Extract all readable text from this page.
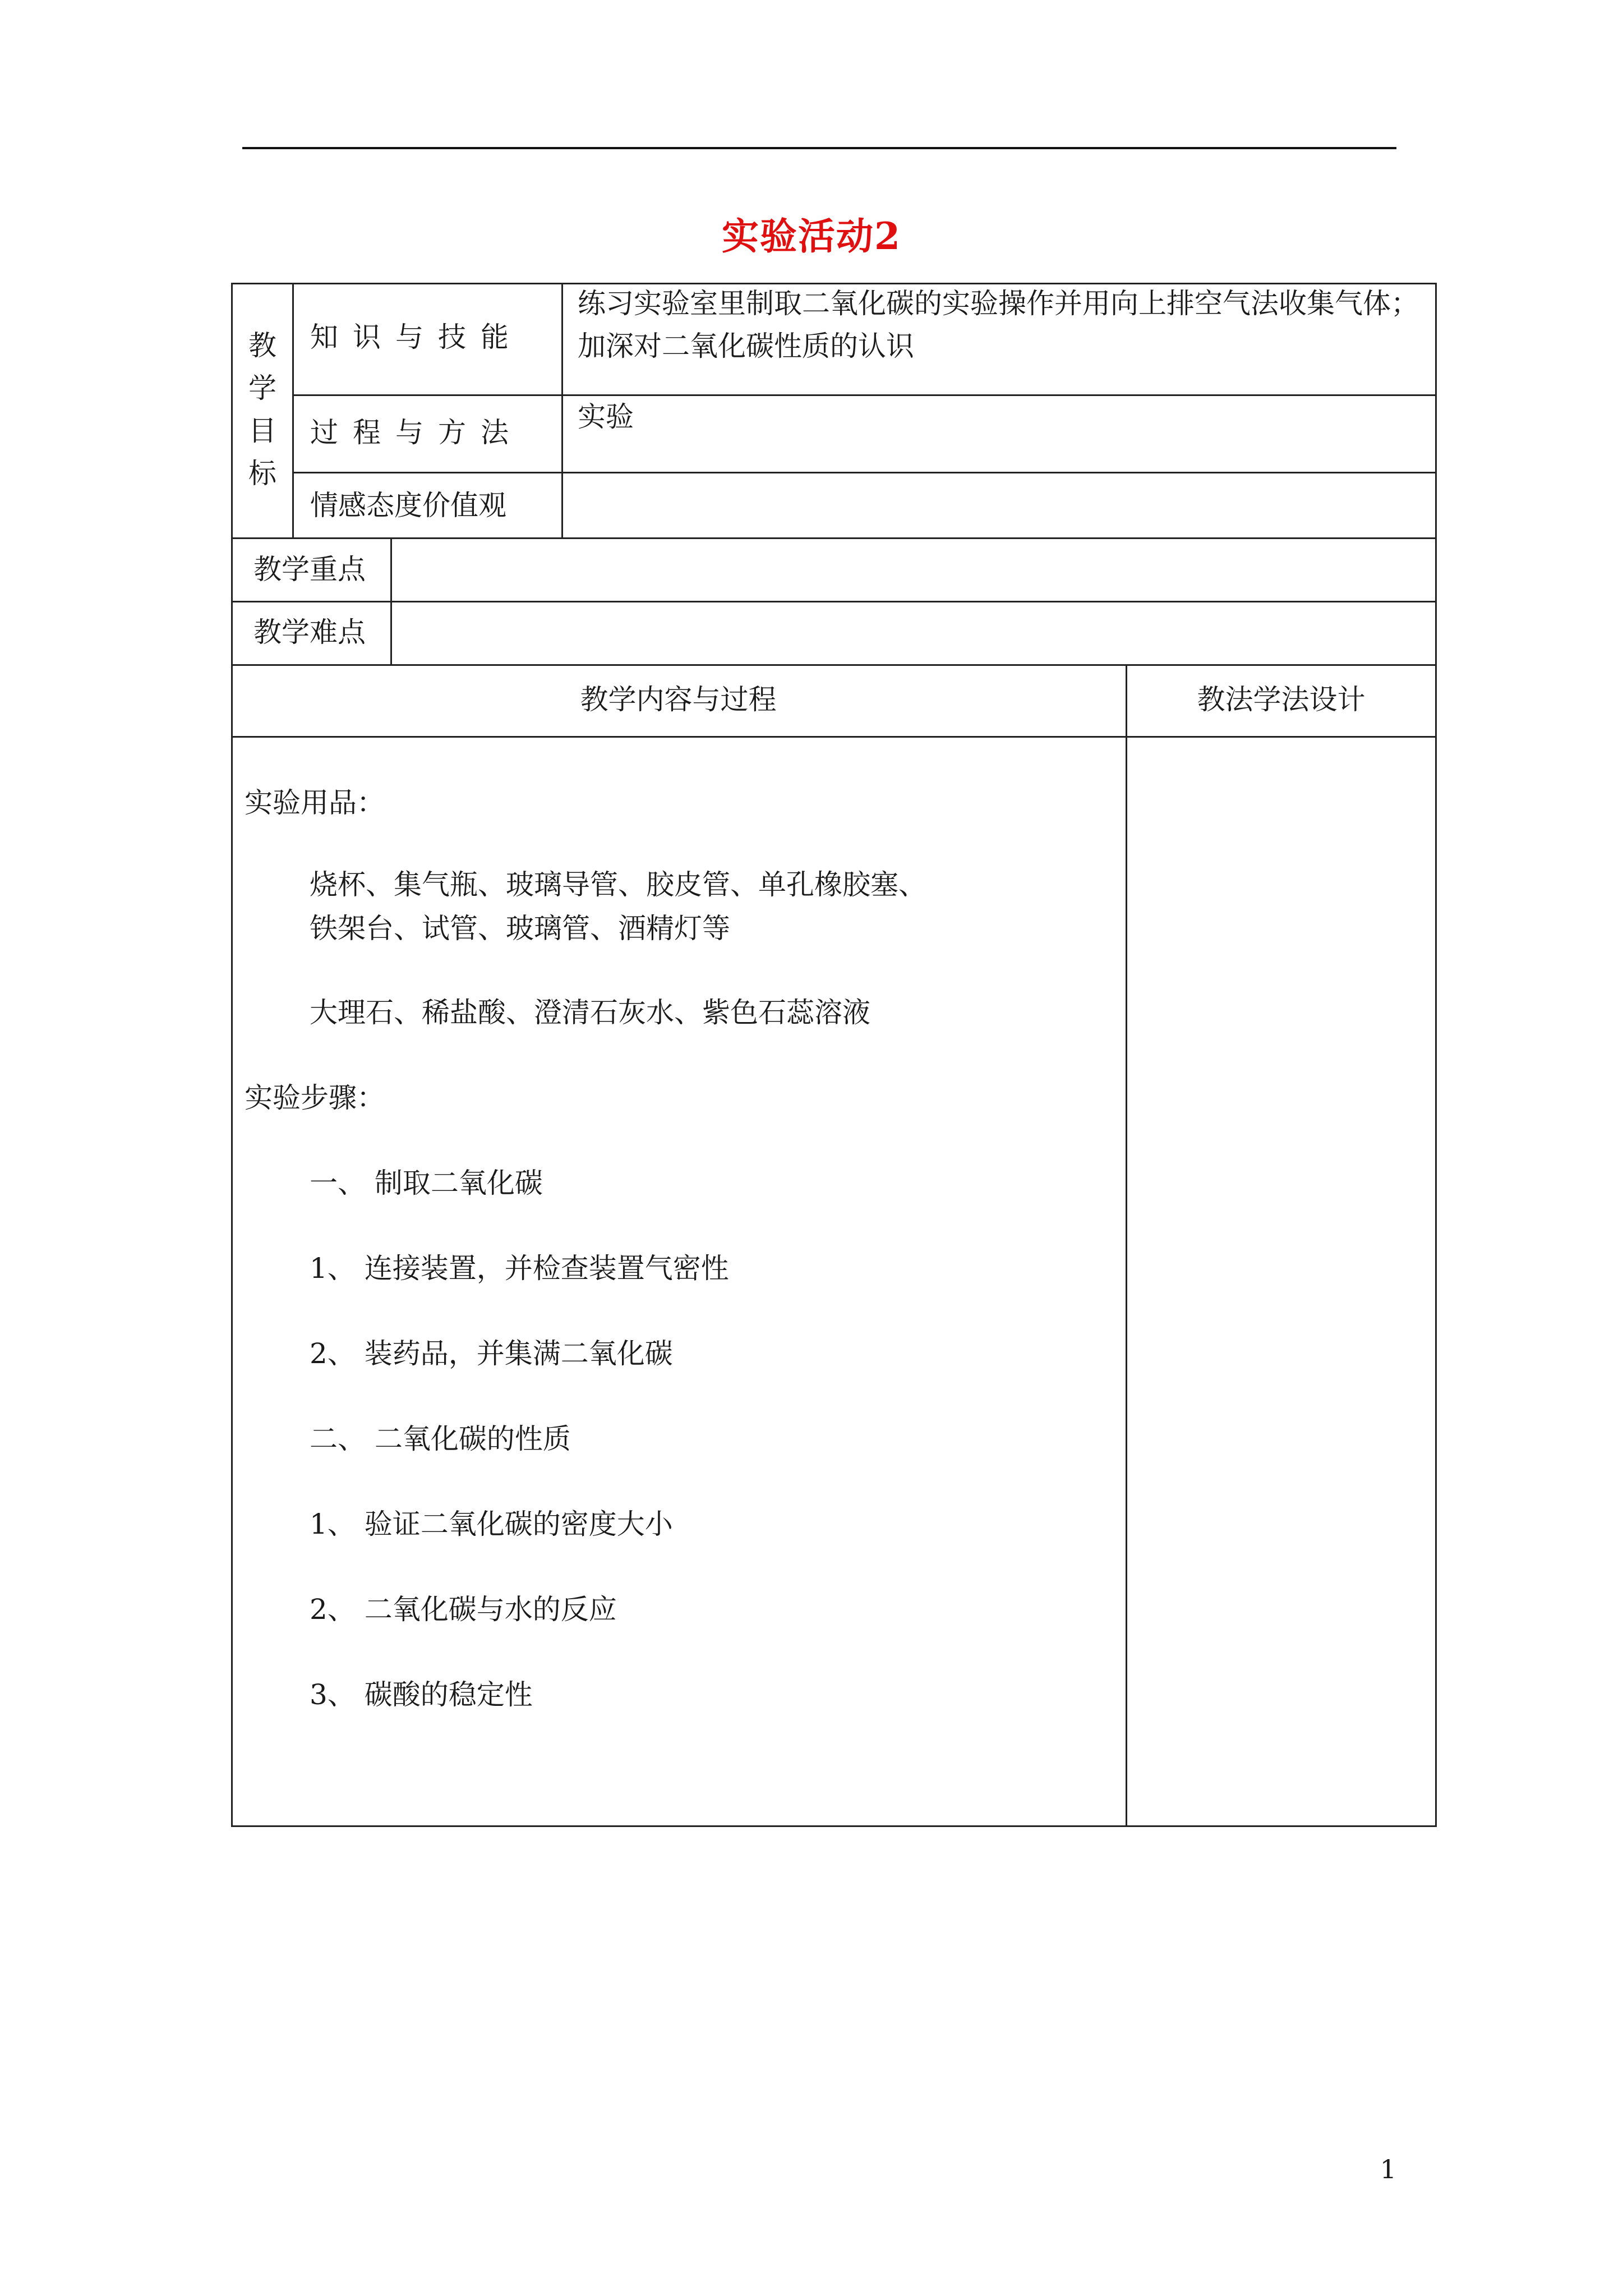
实验活动2
教
学
目
标
知识与技能
过程与方法
情感态度价值观
练习实验室里制取二氧化碳的实验操作并用向上排空气法收集气体；
加深对二氧化碳性质的认识
实验
教学重点
教学难点
教学内容与过程	教法学法设计
实验用品：
烧杯、集气瓶、玻璃导管、胶皮管、单孔橡胶塞、
铁架台、试管、玻璃管、酒精灯等
大理石、稀盐酸、澄清石灰水、紫色石蕊溶液
实验步骤：
一、 制取二氧化碳
1、 连接装置，并检查装置气密性
2、 装药品，并集满二氧化碳
二、 二氧化碳的性质
1、 验证二氧化碳的密度大小
2、 二氧化碳与水的反应
3、 碳酸的稳定性
1
